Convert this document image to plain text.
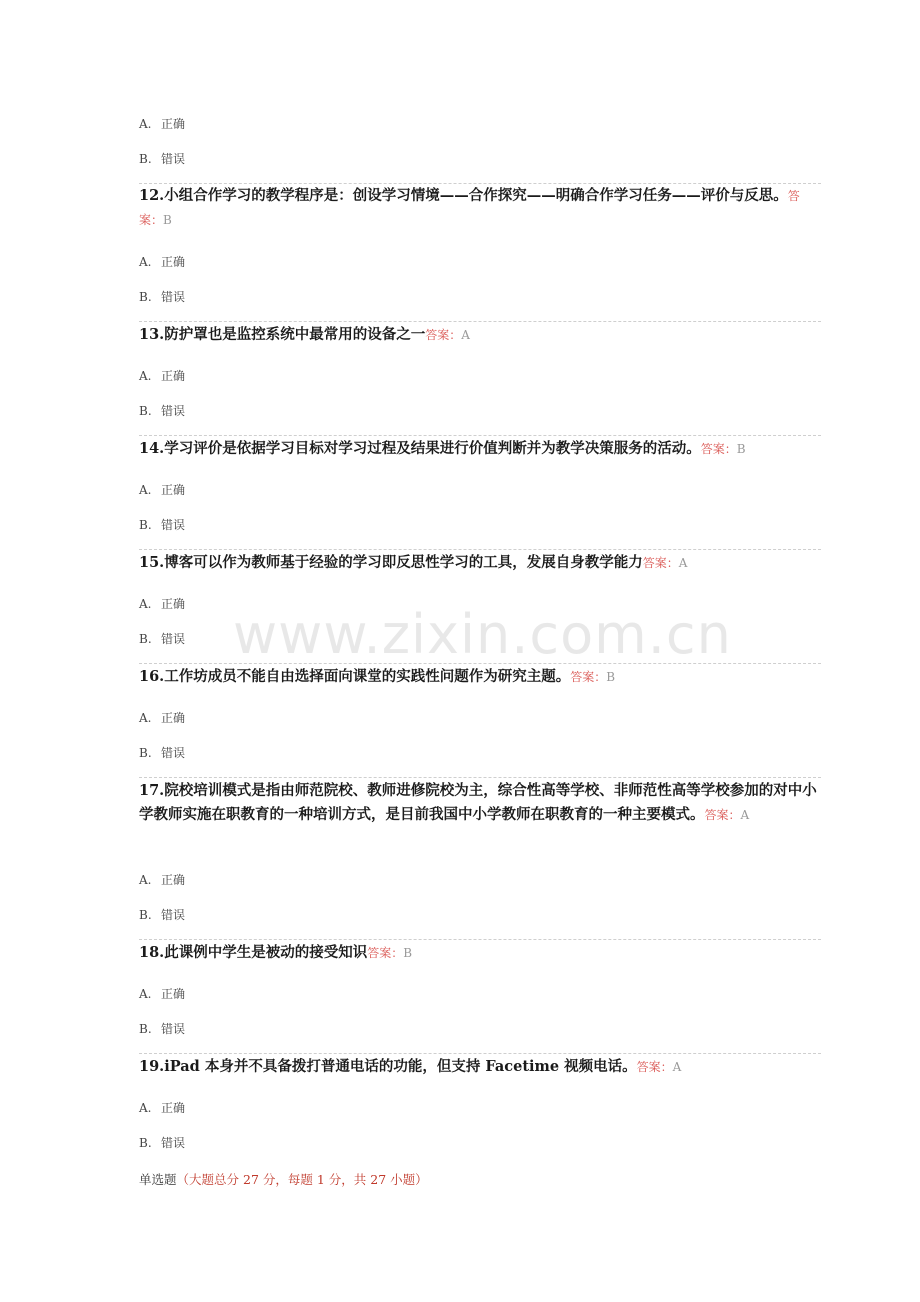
A. 正确
B. 错误
12.小组合作学习的教学程序是：创设学习情境——合作探究——明确合作学习任务——评价与反思。答案：B
A. 正确
B. 错误
13.防护罩也是监控系统中最常用的设备之一答案：A
A. 正确
B. 错误
14.学习评价是依据学习目标对学习过程及结果进行价值判断并为教学决策服务的活动。答案：B
A. 正确
B. 错误
15.博客可以作为教师基于经验的学习即反思性学习的工具，发展自身教学能力答案：A
A. 正确
B. 错误
16.工作坊成员不能自由选择面向课堂的实践性问题作为研究主题。答案：B
A. 正确
B. 错误
17.院校培训模式是指由师范院校、教师进修院校为主，综合性高等学校、非师范性高等学校参加的对中小学教师实施在职教育的一种培训方式，是目前我国中小学教师在职教育的一种主要模式。答案：A
A. 正确
B. 错误
18.此课例中学生是被动的接受知识答案：B
A. 正确
B. 错误
19.iPad 本身并不具备拨打普通电话的功能，但支持 Facetime 视频电话。答案：A
A. 正确
B. 错误
单选题（大题总分 27 分，每题 1 分，共 27 小题）
www.zixin.com.cn
